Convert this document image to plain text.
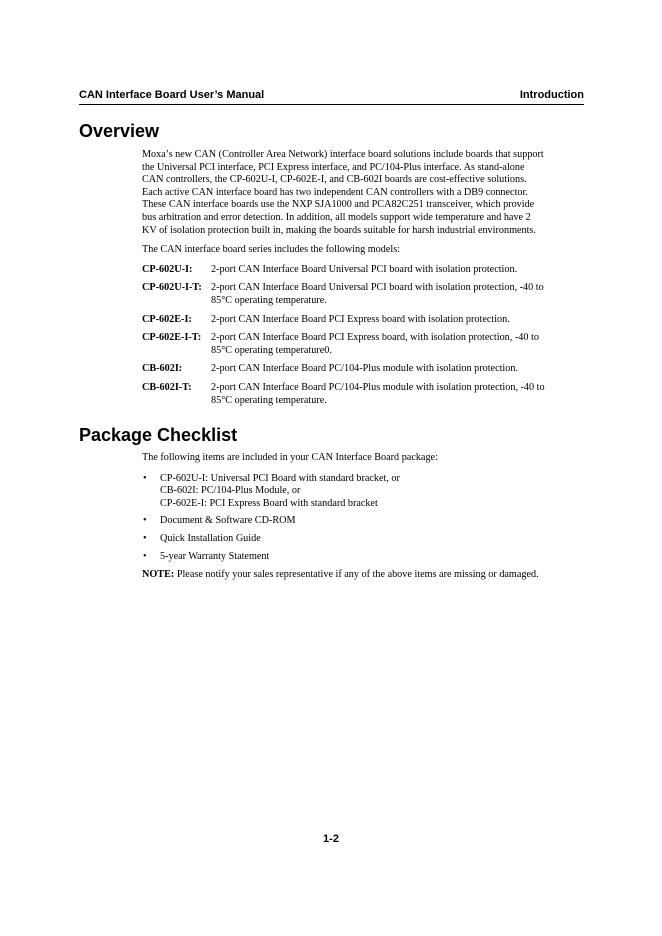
CAN Interface Board User’s Manual	Introduction
Overview

Moxa’s new CAN (Controller Area Network) interface board solutions include boards that support
the Universal PCI interface, PCI Express interface, and PC/104-Plus interface. As stand-alone
CAN controllers, the CP-602U-I, CP-602E-I, and CB-602I boards are cost-effective solutions.
Each active CAN interface board has two independent CAN controllers with a DB9 connector.
These CAN interface boards use the NXP SJA1000 and PCA82C251 transceiver, which provide
bus arbitration and error detection. In addition, all models support wide temperature and have 2
KV of isolation protection built in, making the boards suitable for harsh industrial environments.

The CAN interface board series includes the following models:

CP-602U-I: 2-port CAN Interface Board Universal PCI board with isolation protection.
CP-602U-I-T: 2-port CAN Interface Board Universal PCI board with isolation protection, -40 to
85°C operating temperature.
CP-602E-I: 2-port CAN Interface Board PCI Express board with isolation protection.
CP-602E-I-T: 2-port CAN Interface Board PCI Express board, with isolation protection, -40 to
85°C operating temperature0.
CB-602I:	2-port CAN Interface Board PC/104-Plus module with isolation protection.
CB-602I-T: 2-port CAN Interface Board PC/104-Plus module with isolation protection, -40 to
85°C operating temperature.
Package Checklist

The following items are included in your CAN Interface Board package:

• CP-602U-I: Universal PCI Board with standard bracket, or
CB-602I: PC/104-Plus Module, or
CP-602E-I: PCI Express Board with standard bracket
• Document & Software CD-ROM
• Quick Installation Guide
• 5-year Warranty Statement

NOTE: Please notify your sales representative if any of the above items are missing or damaged.

1-2
